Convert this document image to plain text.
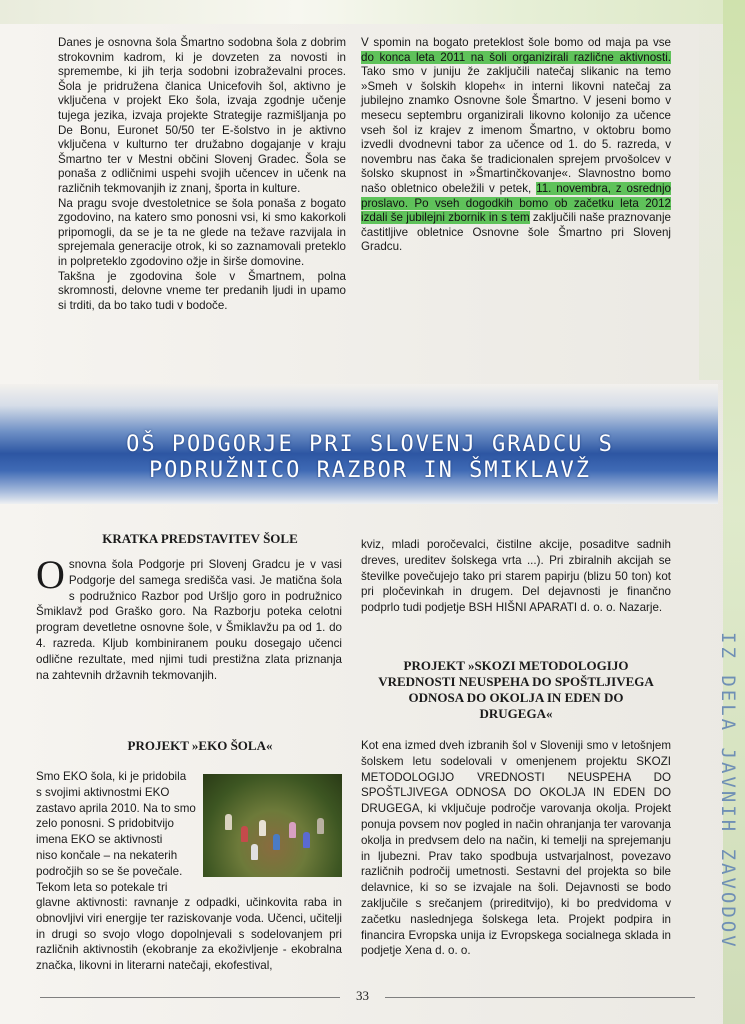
Danes je osnovna šola Šmartno sodobna šola z dobrim strokovnim kadrom, ki je dovzeten za novosti in spremembe, ki jih terja sodobni izobraževalni proces. Šola je pridružena članica Unicefovih šol, aktivno je vključena v projekt Eko šola, izvaja zgodnje učenje tujega jezika, izvaja projekte Strategije razmišljanja po De Bonu, Euronet 50/50 ter E-šolstvo in je aktivno vključena v kulturno ter družabno dogajanje v kraju Šmartno ter v Mestni občini Slovenj Gradec. Šola se ponaša z odličnimi uspehi svojih učencev in učenk na različnih tekmovanjih iz znanj, športa in kulture.

Na pragu svoje dvestoletnice se šola ponaša z bogato zgodovino, na katero smo ponosni vsi, ki smo kakorkoli pripomogli, da se je ta ne glede na težave razvijala in sprejemala generacije otrok, ki so zaznamovali preteklo in polpreteklo zgodovino ožje in širše domovine.

Takšna je zgodovina šole v Šmartnem, polna skromnosti, delovne vneme ter predanih ljudi in upamo si trditi, da bo tako tudi v bodoče.

V spomin na bogato preteklost šole bomo od maja pa vse do konca leta 2011 na šoli organizirali različne aktivnosti. Tako smo v juniju že zaključili natečaj slikanic na temo »Smeh v šolskih klopeh« in interni likovni natečaj za jubilejno znamko Osnovne šole Šmartno. V jeseni bomo v mesecu septembru organizirali likovno kolonijo za učence vseh šol iz krajev z imenom Šmartno, v oktobru bomo izvedli dvodnevni tabor za učence od 1. do 5. razreda, v novembru nas čaka še tradicionalen sprejem prvošolcev v šolsko skupnost in »Šmartinčkovanje«. Slavnostno bomo našo obletnico obeležili v petek, 11. novembra, z osrednjo proslavo. Po vseh dogodkih bomo ob začetku leta 2012 izdali še jubilejni zbornik in s tem zaključili naše praznovanje častitljive obletnice Osnovne šole Šmartno pri Slovenj Gradcu.

OŠ PODGORJE PRI SLOVENJ GRADCU S
PODRUŽNICO RAZBOR IN ŠMIKLAVŽ
KRATKA PREDSTAVITEV ŠOLE

Osnovna šola Podgorje pri Slovenj Gradcu je v vasi Podgorje del samega središča vasi. Je matična šola s podružnico Razbor pod Uršljo goro in podružnico Šmiklavž pod Graško goro. Na Razborju poteka celotni program devetletne osnovne šole, v Šmiklavžu pa od 1. do 4. razreda. Kljub kombiniranem pouku dosegajo učenci odlične rezultate, med njimi tudi prestižna zlata priznanja na zahtevnih državnih tekmovanjih.

PROJEKT »EKO ŠOLA«
Smo EKO šola, ki je pridobila
s svojimi aktivnostmi EKO
zastavo aprila 2010. Na to smo
zelo ponosni. S pridobitvijo
imena EKO se aktivnosti
niso končale – na nekaterih
področjih so se še povečale.
Tekom leta so potekale tri

glavne aktivnosti: ravnanje z odpadki, učinkovita raba in obnovljivi viri energije ter raziskovanje voda. Učenci, učitelji in drugi so svojo vlogo dopolnjevali s sodelovanjem pri različnih aktivnostih (ekobranje za ekoživljenje - ekobralna značka, likovni in literarni natečaji, ekofestival,

kviz, mladi poročevalci, čistilne akcije, posaditve sadnih dreves, ureditev šolskega vrta ...). Pri zbiralnih akcijah se številke povečujejo tako pri starem papirju (blizu 50 ton) kot pri pločevinkah in drugem. Del dejavnosti je finančno podprlo tudi podjetje BSH HIŠNI APARATI d. o. o. Nazarje.

PROJEKT »SKOZI METODOLOGIJO VREDNOSTI NEUSPEHA DO SPOŠTLJIVEGA ODNOSA DO OKOLJA IN EDEN DO DRUGEGA«

Kot ena izmed dveh izbranih šol v Sloveniji smo v letošnjem šolskem letu sodelovali v omenjenem projektu SKOZI METODOLOGIJO VREDNOSTI NEUSPEHA DO SPOŠTLJIVEGA ODNOSA DO OKOLJA IN EDEN DO DRUGEGA, ki vključuje področje varovanja okolja. Projekt ponuja povsem nov pogled in način ohranjanja ter varovanja okolja in predvsem delo na način, ki temelji na sprejemanju in ljubezni. Prav tako spodbuja ustvarjalnost, povezavo različnih področij umetnosti. Sestavni del projekta so bile delavnice, ki so se izvajale na šoli. Dejavnosti se bodo zaključile s srečanjem (prireditvijo), ki bo predvidoma v začetku naslednjega šolskega leta. Projekt podpira in financira Evropska unija iz Evropskega socialnega sklada in podjetje Xena d. o. o.

IZ DELA JAVNIH ZAVODOV
33
